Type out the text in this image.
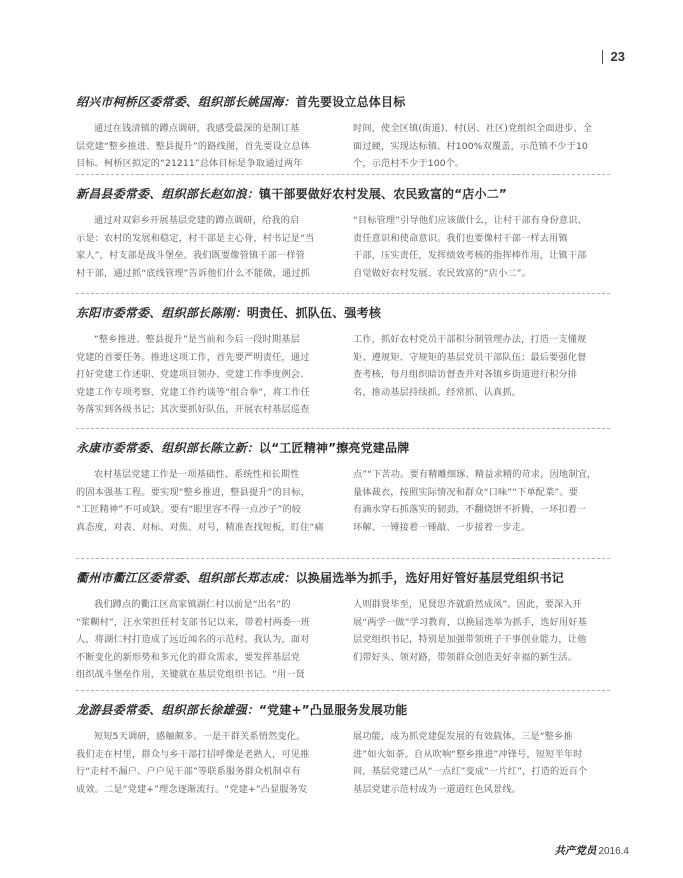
23
绍兴市柯桥区委常委、组织部长姚国海：首先要设立总体目标
通过在钱清镇的蹲点调研，我感受最深的是制订基
层党建“整乡推进、整县提升”的路线图，首先要设立总体
目标。柯桥区拟定的“21211”总体目标是争取通过两年
时间，使全区镇(街道)、村(居、社区)党组织全面进步、全
面过硬，实现达标镇、村100%双覆盖，示范镇不少于10
个，示范村不少于100个。
新昌县委常委、组织部长赵如浪：镇干部要做好农村发展、农民致富的“店小二”
通过对双彩乡开展基层党建的蹲点调研，给我的启
示是：农村的发展和稳定，村干部是主心骨，村书记是“当
家人”，村支部是战斗堡垒。我们既要像管镇干部一样管
村干部，通过抓“底线管理”告诉他们什么不能做，通过抓
“目标管理”引导他们应该做什么，让村干部有身份意识、
责任意识和使命意识。我们也要像村干部一样去用镇
干部，压实责任，发挥绩效考核的指挥棒作用，让镇干部
自觉做好农村发展、农民致富的“店小二”。
东阳市委常委、组织部长陈刚：明责任、抓队伍、强考核
“整乡推进、整县提升”是当前和今后一段时期基层
党建的首要任务。推进这项工作，首先要严明责任，通过
打好党建工作述职、党建项目领办、党建工作季度例会、
党建工作专项考察、党建工作约谈等“组合拳”，将工作任
务落实到各级书记；其次要抓好队伍，开展农村基层巡查
工作，抓好农村党员干部积分制管理办法，打造一支懂规
矩、遵规矩、守规矩的基层党员干部队伍；最后要强化督
查考核，每月组织暗访督查并对各镇乡街道进行积分排
名，推动基层持续抓、经常抓、认真抓。
永康市委常委、组织部长陈立新：以“工匠精神”擦亮党建品牌
农村基层党建工作是一项基础性、系统性和长期性
的固本强基工程。要实现“整乡推进，整县提升”的目标，
“工匠精神”不可或缺。要有“眼里容不得一点沙子”的较
真态度，对表、对标、对焦、对号，精准查找短板，盯住“痛
点”“下苦功。要有精雕细琢、精益求精的苛求，因地制宜，
量体裁衣，按照实际情况和群众“口味”“下单配菜”。要
有滴水穿石抓落实的韧劲，不翻烧饼不折腾，一环扣着一
环解、一锤接着一锤敲、一步接着一步走。
衢州市衢江区委常委、组织部长郑志成：以换届选举为抓手，选好用好管好基层党组织书记
我们蹲点的衢江区高家镇湖仁村以前是“出名”的
“浆糊村”，汪水荣担任村支部书记以来，带着村两委一班
人，将湖仁村打造成了远近闻名的示范村。我认为，面对
不断变化的新形势和多元化的群众需求，要发挥基层党
组织战斗堡垒作用，关键就在基层党组织书记。“用一贤
人则群贤毕至，见贤思齐就蔚然成风”。因此，要深入开
展“两学一做”学习教育，以换届选举为抓手，选好用好基
层党组织书记，特别是加强带领班子干事创业能力，让他
们带好头、领对路，带领群众创造美好幸福的新生活。
龙游县委常委、组织部长徐雄强：“党建+”凸显服务发展功能
短短5天调研，感触颇多。一是干群关系悄然变化。
我们走在村里，群众与乡干部打招呼像是老熟人，可见推
行“走村不漏户、户户见干部”等联系服务群众机制卓有
成效。二是“党建+”理念逐渐流行。“党建+”凸显服务发
展功能，成为抓党建促发展的有效载体。三是“整乡推
进”如火如荼。自从吹响“整乡推进”冲锋号，短短半年时
间，基层党建已从“一点红”变成“一片红”，打造的近百个
基层党建示范村成为一道道红色风景线。
共产党员 2016.4
